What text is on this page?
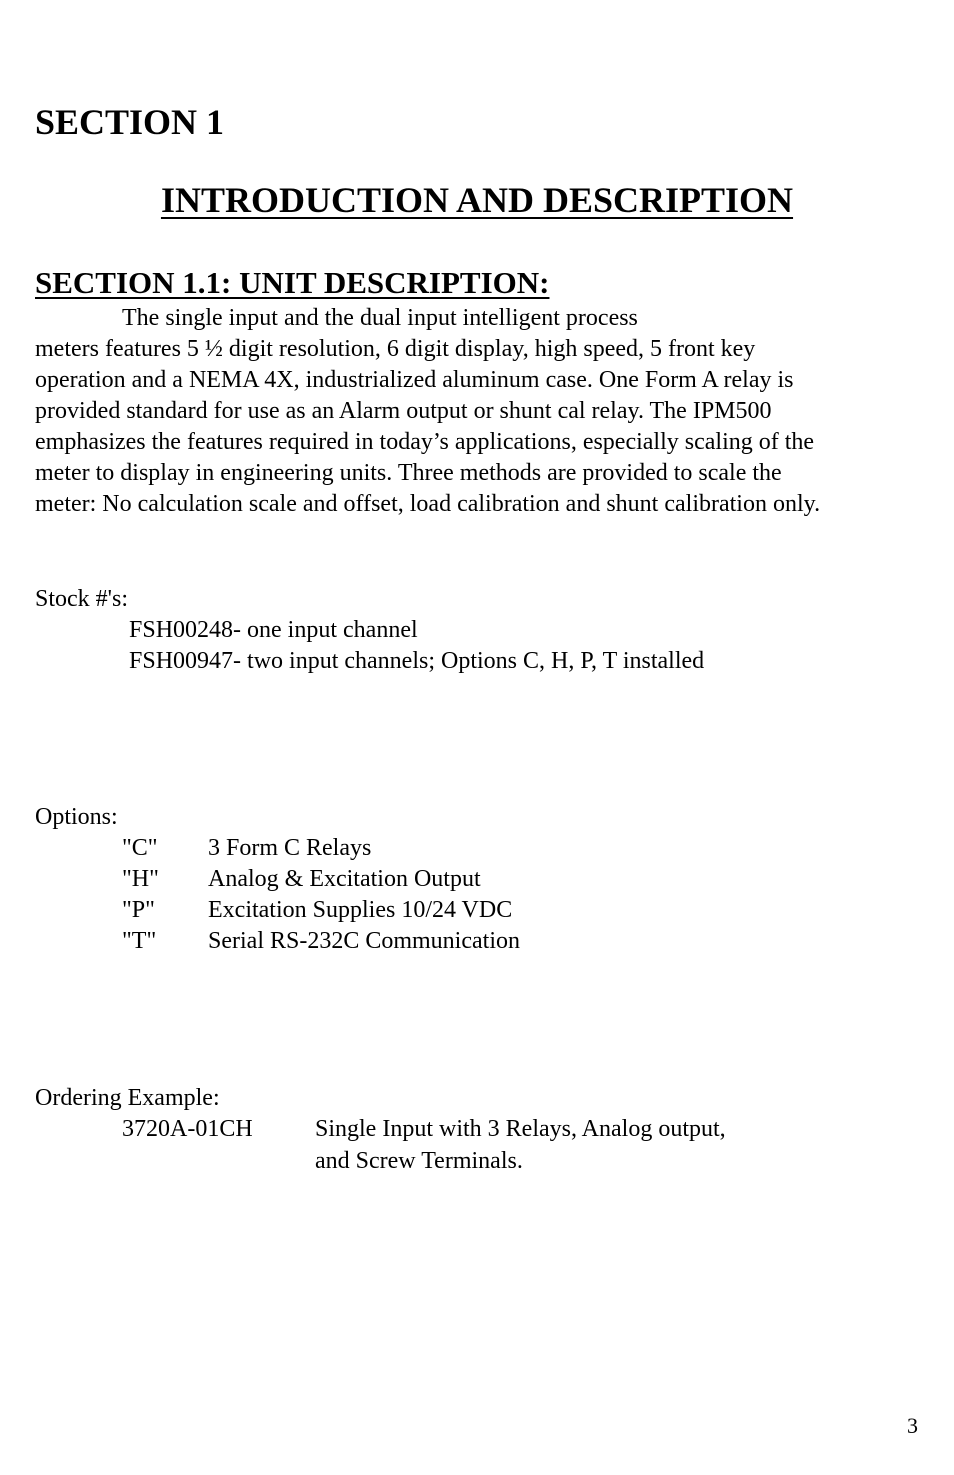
SECTION 1
INTRODUCTION AND DESCRIPTION
SECTION 1.1: UNIT DESCRIPTION:
The single input and the dual input intelligent process
meters features 5 ½ digit resolution, 6 digit display, high speed, 5 front key
operation and a NEMA 4X, industrialized aluminum case. One Form A relay is
provided standard for use as an Alarm output or shunt cal relay. The IPM500
emphasizes the features required in today’s applications, especially scaling of the
meter to display in engineering units. Three methods are provided to scale the
meter: No calculation scale and offset, load calibration and shunt calibration only.
Stock #'s:
FSH00248- one input channel
FSH00947- two input channels; Options C, H, P, T installed
Options:
"C" 3 Form C Relays
"H" Analog & Excitation Output
"P" Excitation Supplies 10/24 VDC
"T" Serial RS-232C Communication
Ordering Example:
3720A-01CH	Single Input with 3 Relays, Analog output,
and Screw Terminals.
3
